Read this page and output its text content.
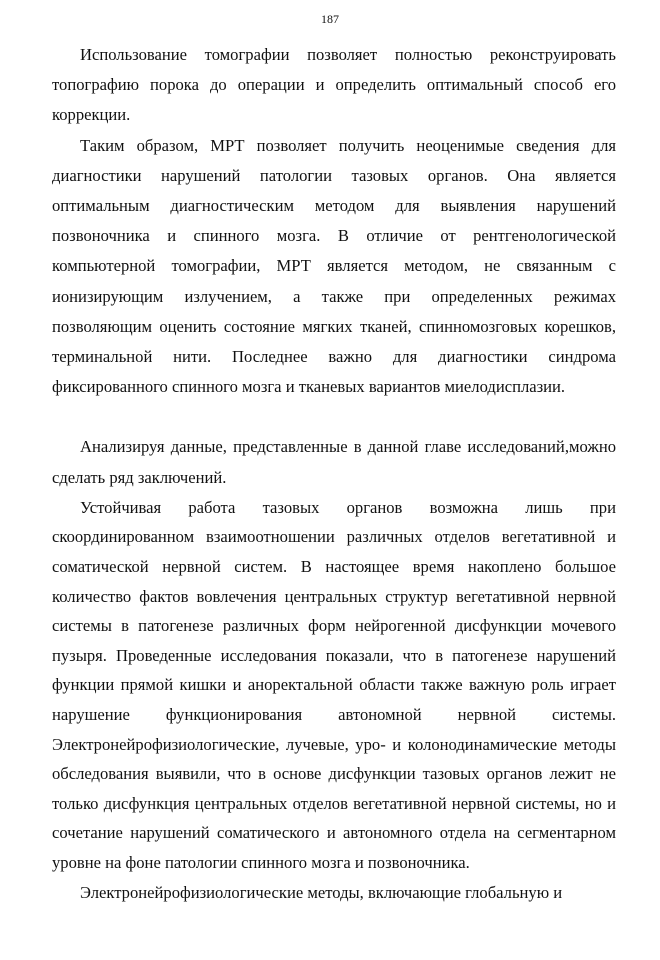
187

Использование томографии позволяет полностью реконструировать топографию порока до операции и определить оптимальный способ его коррекции.

Таким образом, МРТ позволяет получить неоценимые сведения для диагностики нарушений патологии тазовых органов. Она является оптимальным диагностическим методом для выявления нарушений позвоночника и спинного мозга. В отличие от рентгенологической компьютерной томографии, МРТ является методом, не связанным с ионизирующим излучением, а также при определенных режимах позволяющим оценить состояние мягких тканей, спинномозговых корешков, терминальной нити. Последнее важно для диагностики синдрома фиксированного спинного мозга и тканевых вариантов миелодисплазии.

Анализируя данные, представленные в данной главе исследований,можно сделать ряд заключений.

Устойчивая работа тазовых органов возможна лишь при скоординированном взаимоотношении различных отделов вегетативной и соматической нервной систем. В настоящее время накоплено большое количество фактов вовлечения центральных структур вегетативной нервной системы в патогенезе различных форм нейрогенной дисфункции мочевого пузыря. Проведенные исследования показали, что в патогенезе нарушений функции прямой кишки и аноректальной области также важную роль играет нарушение функционирования автономной нервной системы. Электронейрофизиологические, лучевые, уро- и колонодинамические методы обследования выявили, что в основе дисфункции тазовых органов лежит не только дисфункция центральных отделов вегетативной нервной системы, но и сочетание нарушений соматического и автономного отдела на сегментарном уровне на фоне патологии спинного мозга и позвоночника.

Электронейрофизиологические методы, включающие глобальную и
